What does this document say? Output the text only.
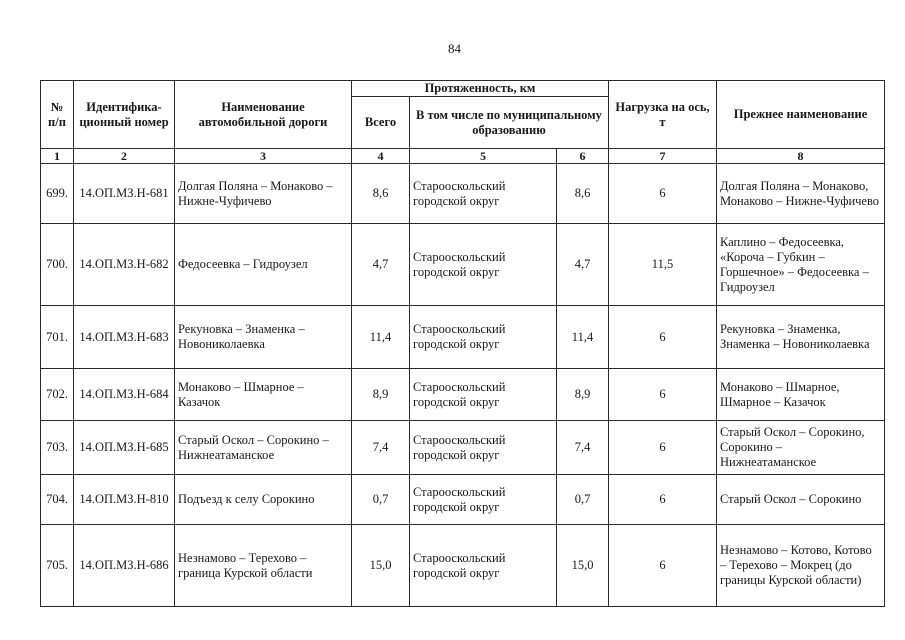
84
№ п/п	Идентифика-ционный номер	Наименование автомобильной дороги	Протяженность, км			Нагрузка на ось, т	Прежнее наименование
			Всего	В том числе по муниципальному образованию			
1	2	3	4	5	6	7	8
699.	14.ОП.МЗ.Н-681	Долгая Поляна – Монаково – Нижне-Чуфичево	8,6	Старооскольский городской округ	8,6	6	Долгая Поляна – Монаково, Монаково – Нижне-Чуфичево
700.	14.ОП.МЗ.Н-682	Федосеевка – Гидроузел	4,7	Старооскольский городской округ	4,7	11,5	Каплино – Федосеевка, «Короча – Губкин – Горшечное» – Федосеевка – Гидроузел
701.	14.ОП.МЗ.Н-683	Рекуновка – Знаменка – Новониколаевка	11,4	Старооскольский городской округ	11,4	6	Рекуновка – Знаменка, Знаменка – Новониколаевка
702.	14.ОП.МЗ.Н-684	Монаково – Шмарное – Казачок	8,9	Старооскольский городской округ	8,9	6	Монаково – Шмарное, Шмарное – Казачок
703.	14.ОП.МЗ.Н-685	Старый Оскол – Сорокино – Нижнеатаманское	7,4	Старооскольский городской округ	7,4	6	Старый Оскол – Сорокино, Сорокино – Нижнеатаманское
704.	14.ОП.МЗ.Н-810	Подъезд к селу Сорокино	0,7	Старооскольский городской округ	0,7	6	Старый Оскол – Сорокино
705.	14.ОП.МЗ.Н-686	Незнамово – Терехово – граница Курской области	15,0	Старооскольский городской округ	15,0	6	Незнамово – Котово, Котово – Терехово – Мокрец (до границы Курской области)
